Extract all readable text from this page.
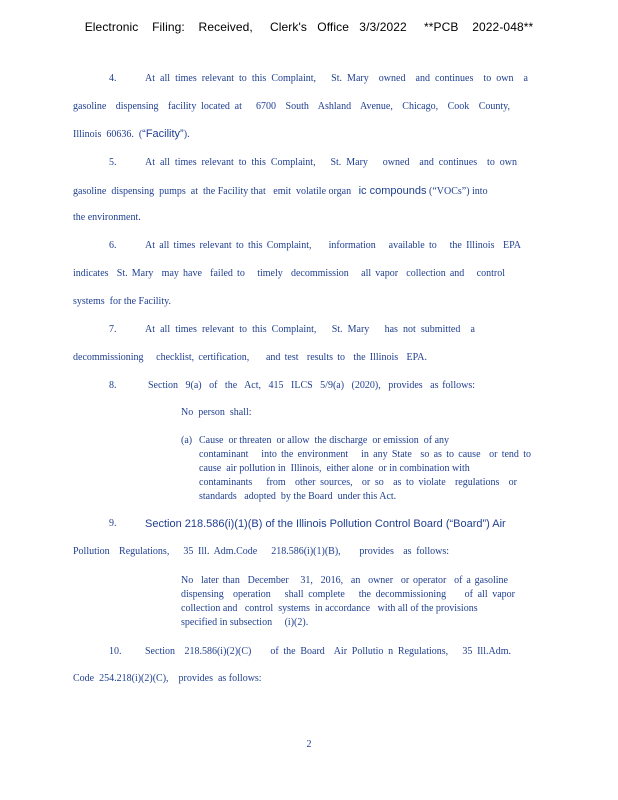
Electronic    Filing:    Received,     Clerk's   Office   3/3/2022     **PCB    2022-048**
4.	At all times relevant to this Complaint,   St. Mary  owned  and continues  to own  a
gasoline  dispensing  facility located at   6700  South  Ashland  Avenue,  Chicago,  Cook  County,
Illinois  60636.  (“Facility”).
5.	At all times relevant to this Complaint,   St. Mary   owned  and continues  to own
gasoline  dispensing  pumps  at  the Facility that   emit  volatile organ   ic compounds (“VOCs”) into
the environment.
6.	At all times relevant to this Complaint,    information   available to   the Illinois  EPA
indicates  St. Mary  may have  failed to   timely  decommission   all vapor  collection and   control
systems  for the Facility.
7.	At all times relevant to this Complaint,   St. Mary   has not submitted  a
decommissioning   checklist, certification,    and test  results to  the Illinois  EPA.
8.	Section  9(a)  of  the  Act,  415  ILCS  5/9(a)  (2020),  provides  as follows:
No  person  shall:
(a) Cause  or threaten  or allow  the discharge  or emission  of any
contaminant   into the environment   in any State  so as to cause  or tend to
cause  air pollution in  Illinois,  either alone  or in combination with
contaminants   from  other sources,  or so  as to violate  regulations  or
standards   adopted  by the Board  under this Act.
9.	Section 218.586(i)(1)(B) of the Illinois Pollution Control Board (“Board”) Air
Pollution  Regulations,   35 Ill. Adm.Code   218.586(i)(1)(B),    provides  as follows:
No  later than  December   31,  2016,  an  owner  or operator  of a gasoline
dispensing  operation   shall complete   the decommissioning    of all vapor
collection and   control  systems  in accordance   with all of the provisions
specified in subsection     (i)(2).
10. Section  218.586(i)(2)(C)    of the Board  Air Pollutio n Regulations,   35 Ill.Adm.
Code  254.218(i)(2)(C),    provides  as follows:
2
